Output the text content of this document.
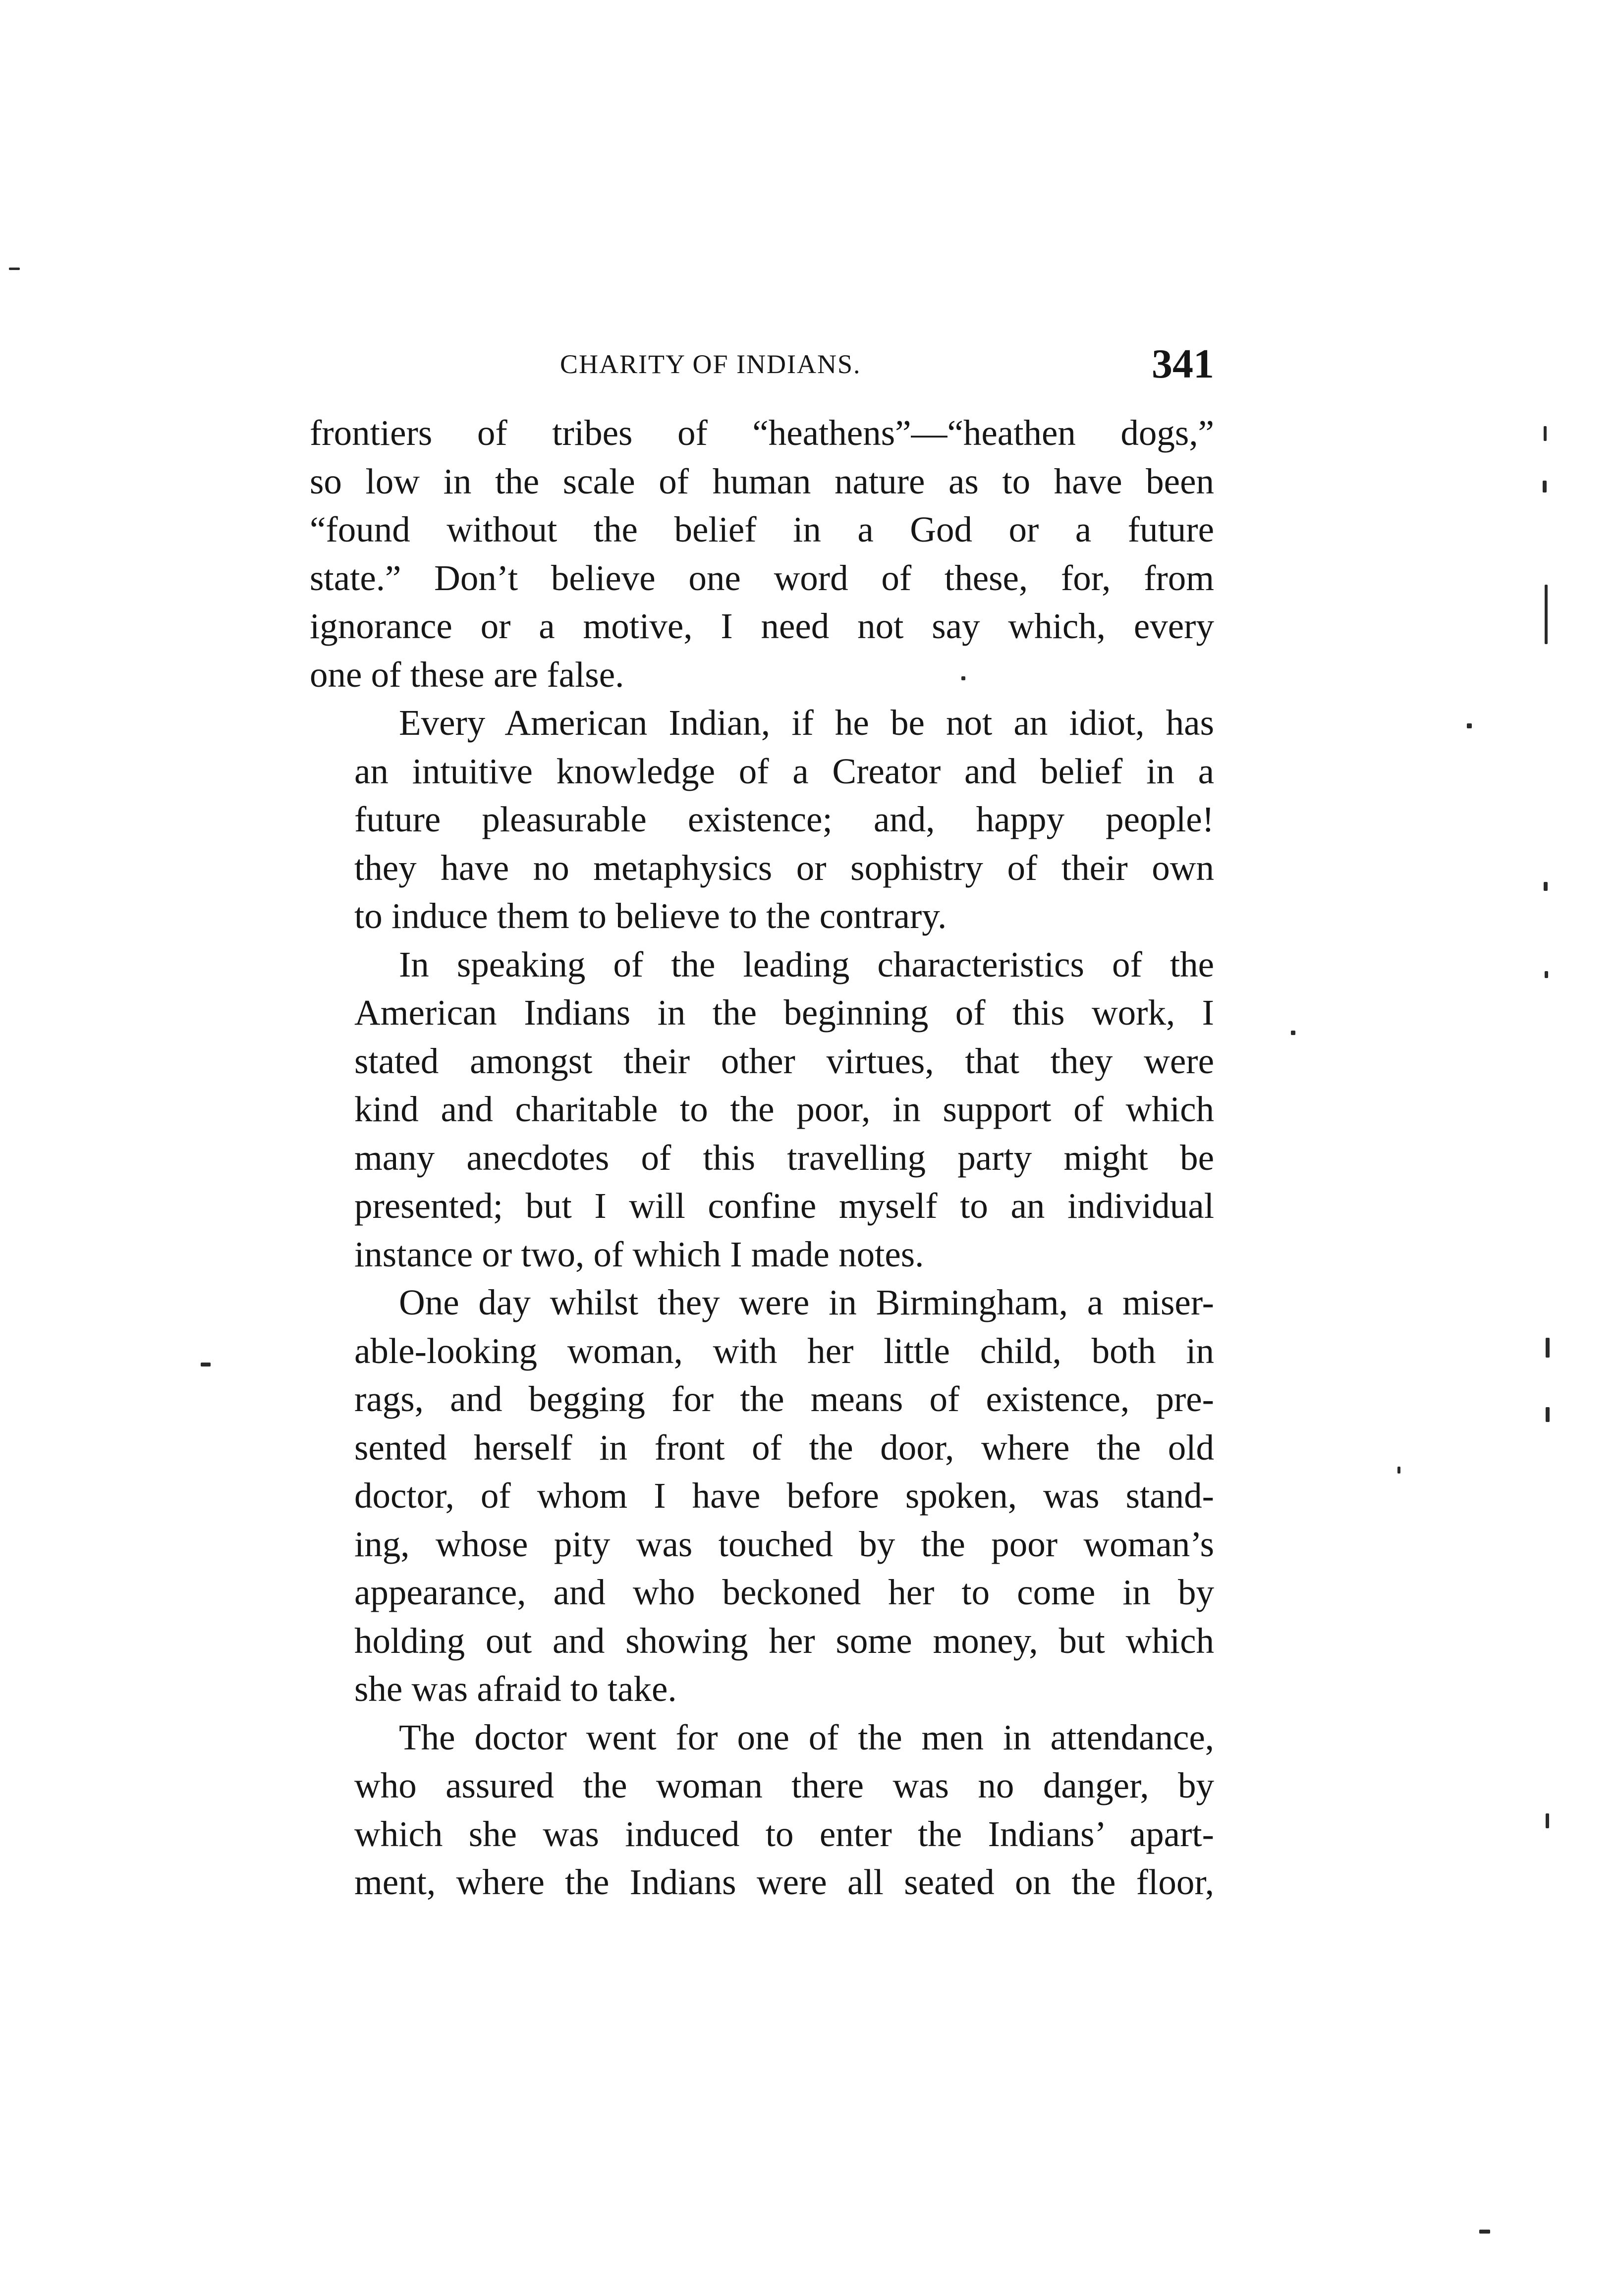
CHARITY OF INDIANS.	341

frontiers of tribes of “heathens”—“heathen dogs,”
so low in the scale of human nature as to have been
“found without the belief in a God or a future
state.” Don’t believe one word of these, for, from
ignorance or a motive, I need not say which, every
one of these are false.

Every American Indian, if he be not an idiot, has
an intuitive knowledge of a Creator and belief in a
future pleasurable existence; and, happy people!
they have no metaphysics or sophistry of their own
to induce them to believe to the contrary.

In speaking of the leading characteristics of the
American Indians in the beginning of this work, I
stated amongst their other virtues, that they were
kind and charitable to the poor, in support of which
many anecdotes of this travelling party might be
presented; but I will confine myself to an individual
instance or two, of which I made notes.

One day whilst they were in Birmingham, a miser-
able-looking woman, with her little child, both in
rags, and begging for the means of existence, pre-
sented herself in front of the door, where the old
doctor, of whom I have before spoken, was stand-
ing, whose pity was touched by the poor woman’s
appearance, and who beckoned her to come in by
holding out and showing her some money, but which
she was afraid to take.

The doctor went for one of the men in attendance,
who assured the woman there was no danger, by
which she was induced to enter the Indians’ apart-
ment, where the Indians were all seated on the floor,
